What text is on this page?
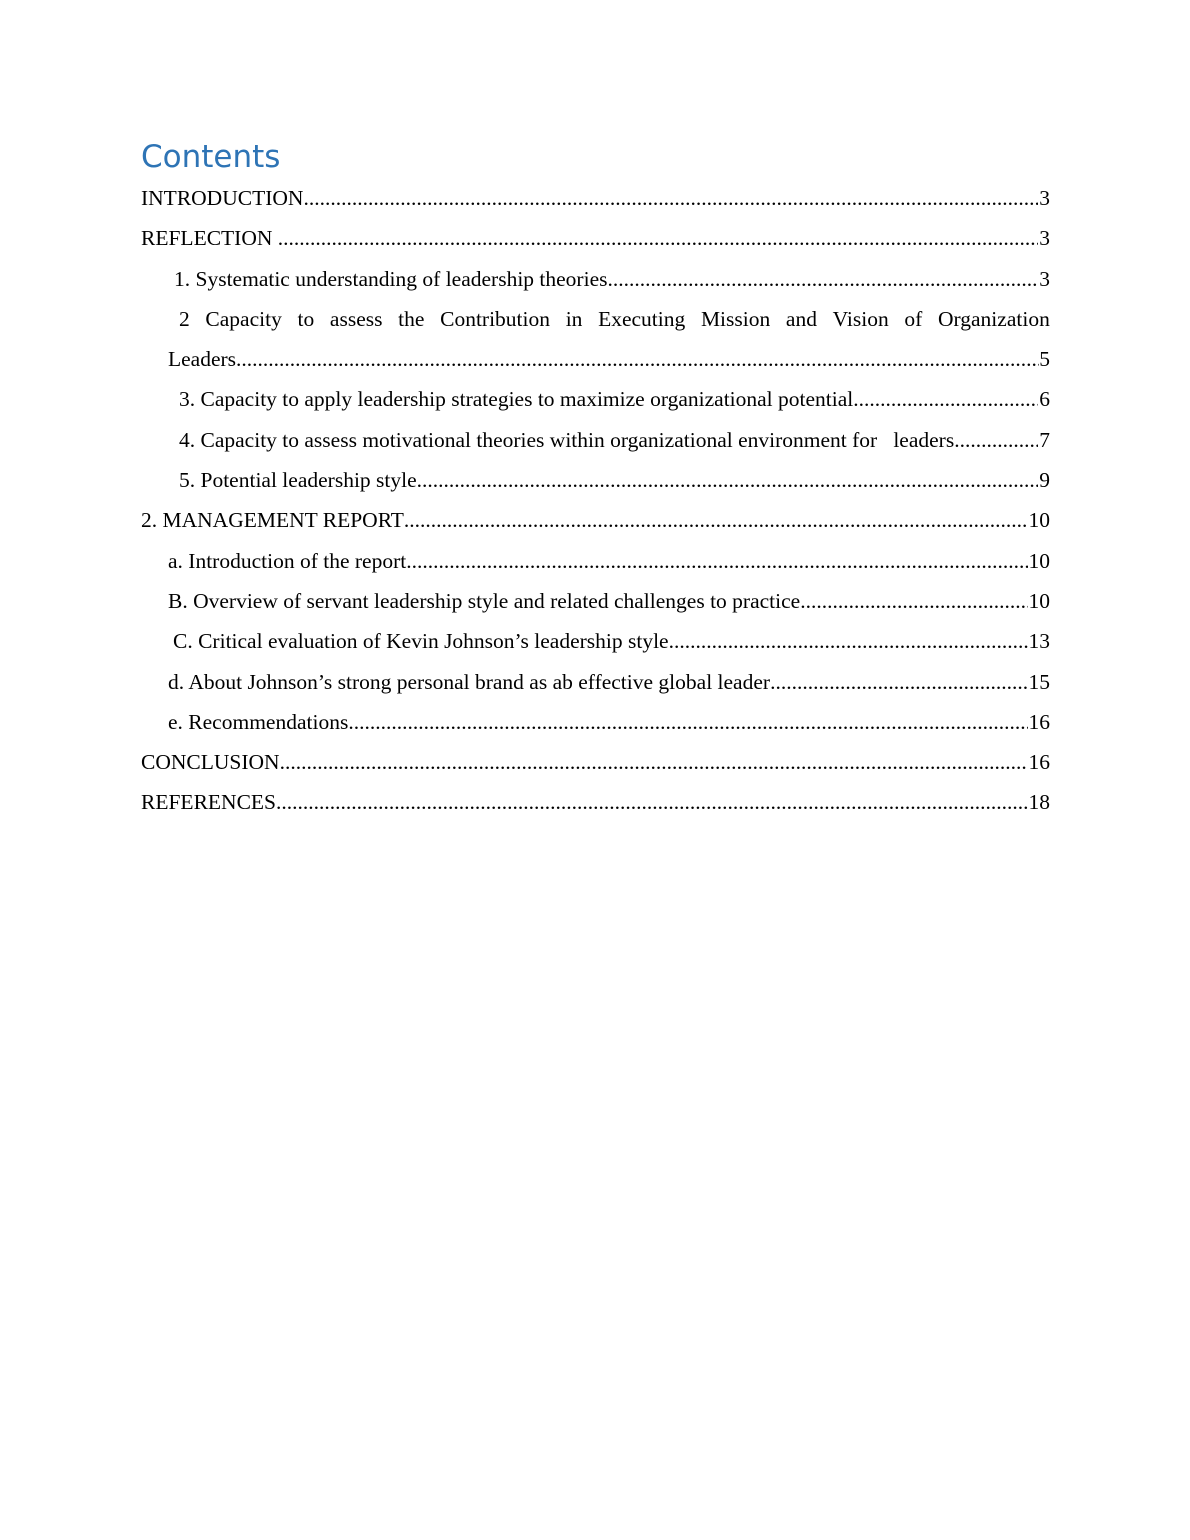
Contents
INTRODUCTION .....	3
REFLECTION .....	3
1. Systematic understanding of leadership theories .....	3
2 Capacity to assess the Contribution in Executing Mission and Vision of Organization
Leaders .....	5
3. Capacity to apply leadership strategies to maximize organizational potential .....	6
4. Capacity to assess motivational theories within organizational environment for   leaders .....	7
5. Potential leadership style .....	9
2. MANAGEMENT REPORT .....	10
a. Introduction of the report .....	10
B. Overview of servant leadership style and related challenges to practice .....	10
C. Critical evaluation of Kevin Johnson’s leadership style .....	13
d. About Johnson’s strong personal brand as ab effective global leader .....	15
e. Recommendations .....	16
CONCLUSION .....	16
REFERENCES .....	18
